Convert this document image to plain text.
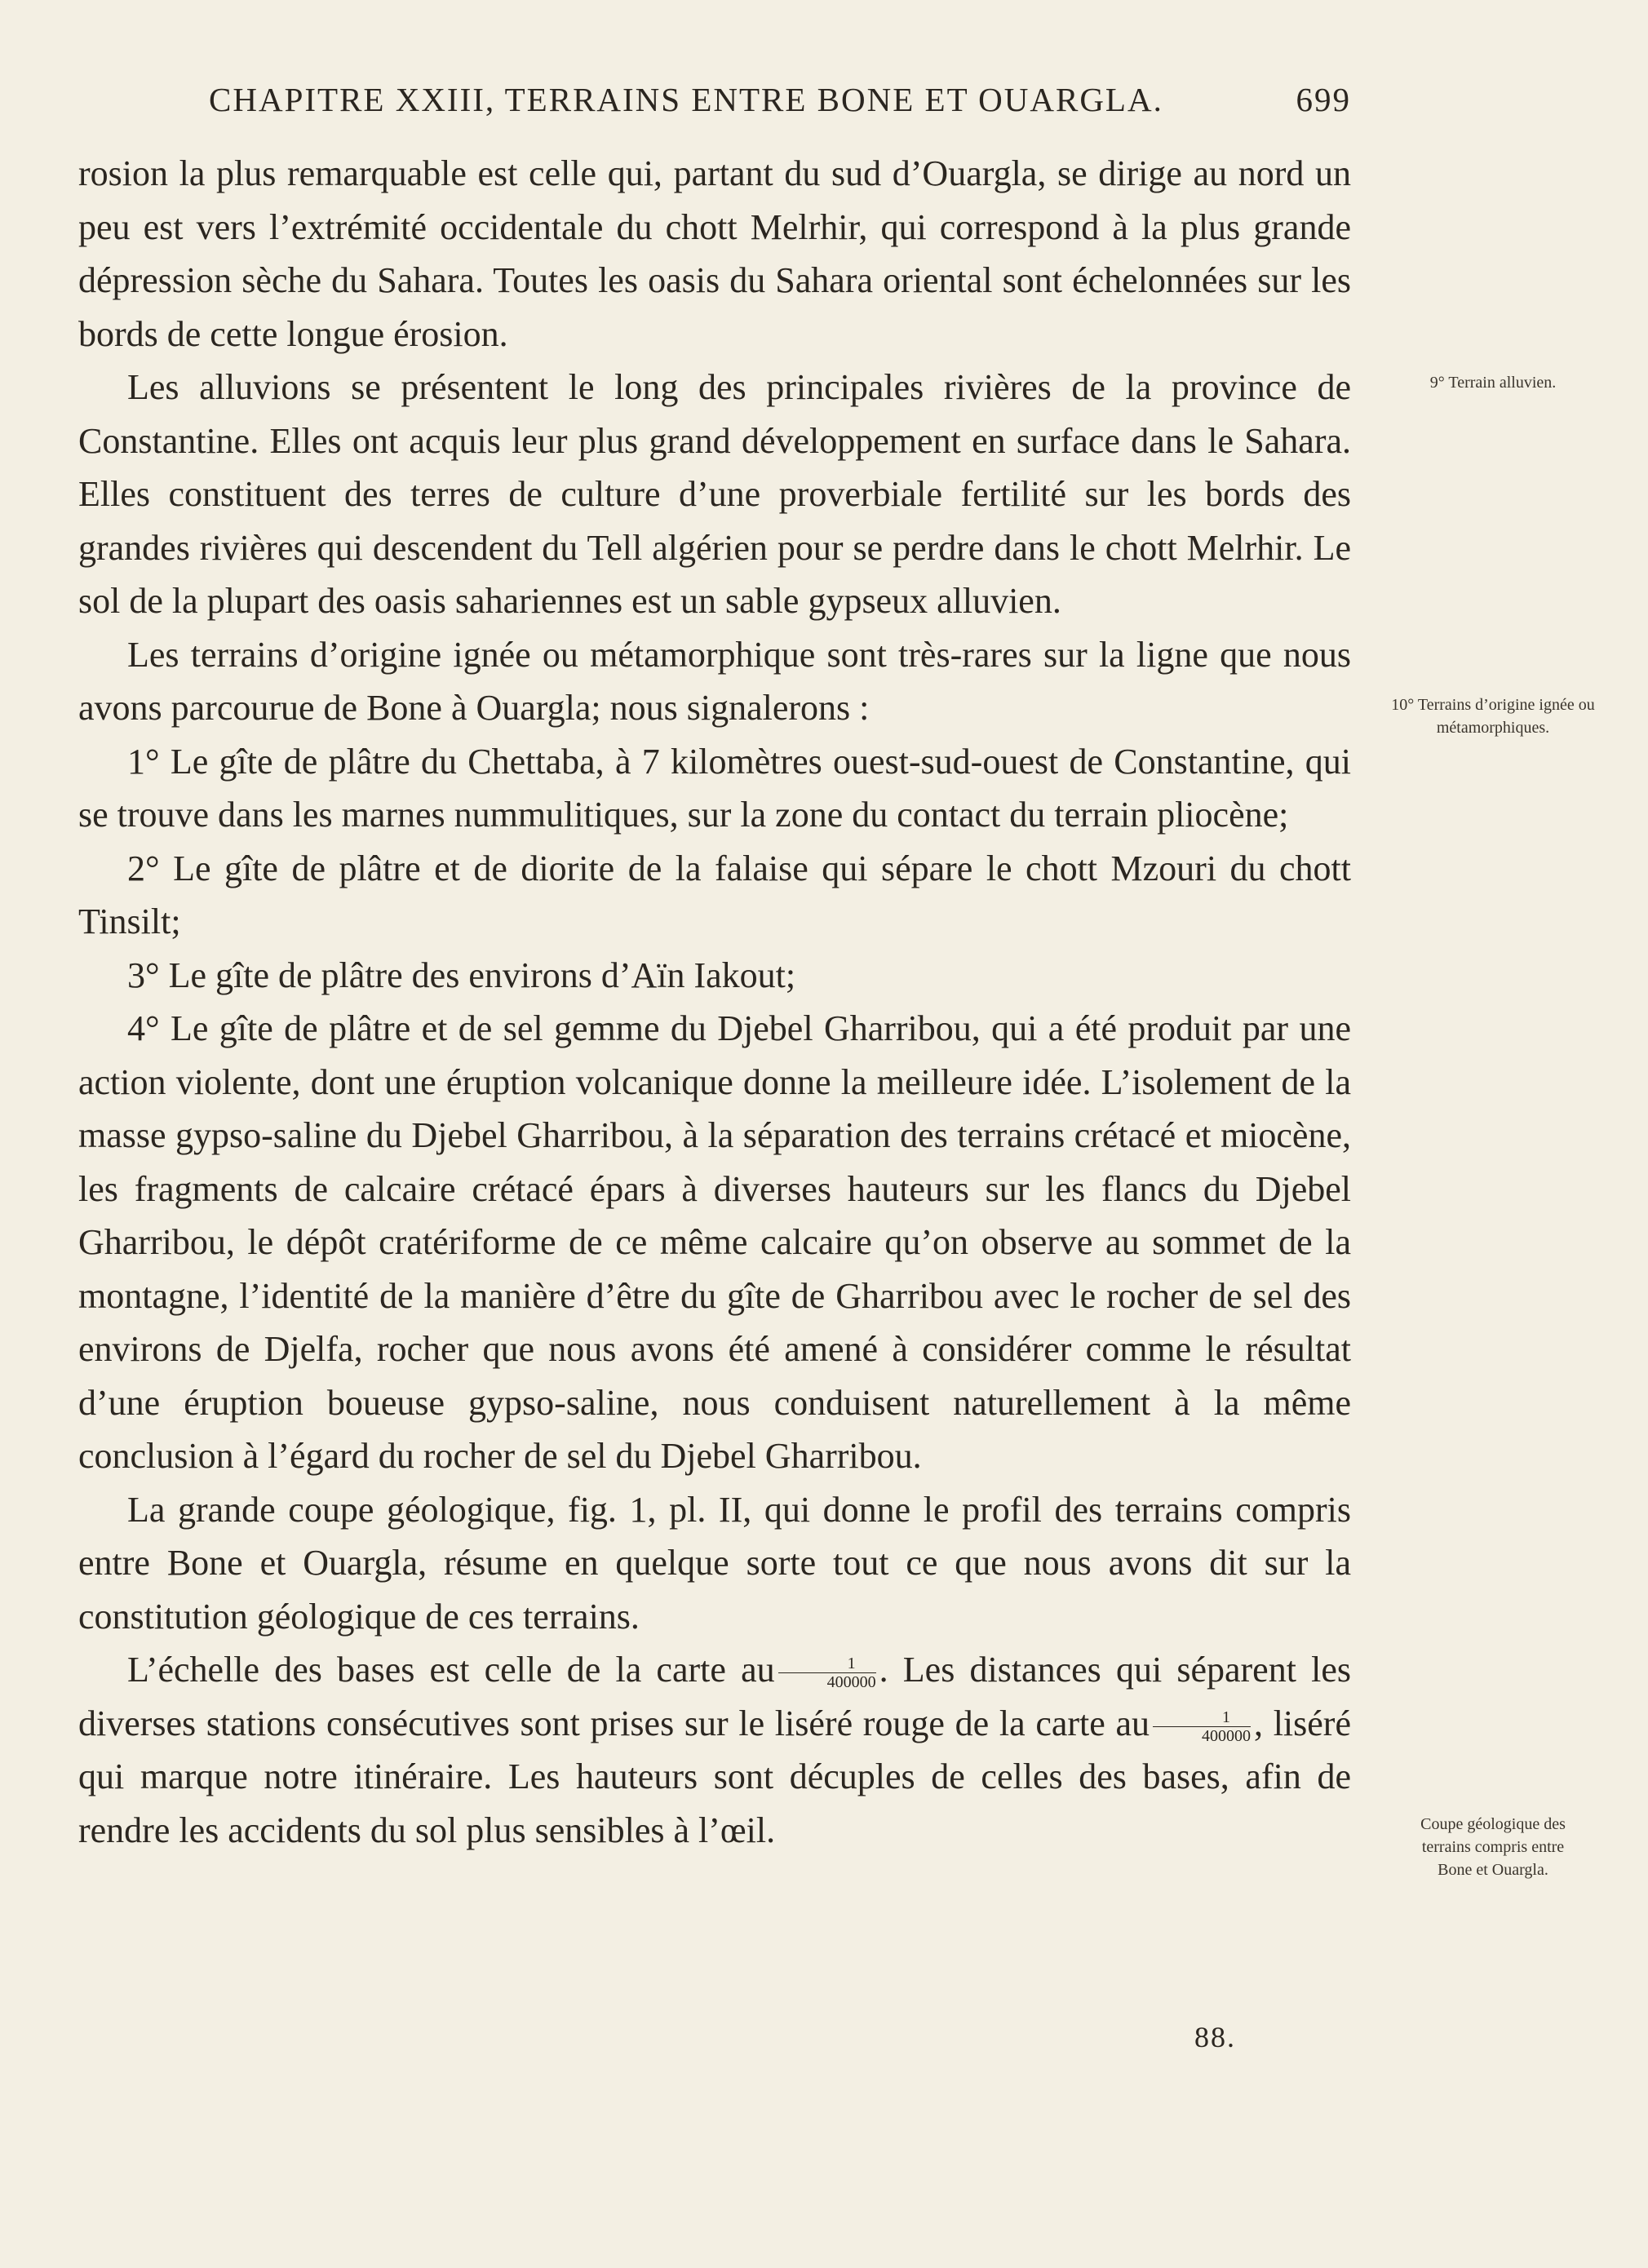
CHAPITRE XXIII, TERRAINS ENTRE BONE ET OUARGLA.	699

rosion la plus remarquable est celle qui, partant du sud d’Ouargla, se dirige au nord un peu est vers l’extrémité occidentale du chott Melrhir, qui correspond à la plus grande dépression sèche du Sahara. Toutes les oasis du Sahara oriental sont échelonnées sur les bords de cette longue érosion.

Les alluvions se présentent le long des principales rivières de la province de Constantine. Elles ont acquis leur plus grand développement en surface dans le Sahara. Elles constituent des terres de culture d’une proverbiale fertilité sur les bords des grandes rivières qui descendent du Tell algérien pour se perdre dans le chott Melrhir. Le sol de la plupart des oasis sahariennes est un sable gypseux alluvien.

Les terrains d’origine ignée ou métamorphique sont très-rares sur la ligne que nous avons parcourue de Bone à Ouargla; nous signalerons :

1° Le gîte de plâtre du Chettaba, à 7 kilomètres ouest-sud-ouest de Constantine, qui se trouve dans les marnes nummulitiques, sur la zone du contact du terrain pliocène;

2° Le gîte de plâtre et de diorite de la falaise qui sépare le chott Mzouri du chott Tinsilt;

3° Le gîte de plâtre des environs d’Aïn Iakout;

4° Le gîte de plâtre et de sel gemme du Djebel Gharribou, qui a été produit par une action violente, dont une éruption volcanique donne la meilleure idée. L’isolement de la masse gypso-saline du Djebel Gharribou, à la séparation des terrains crétacé et miocène, les fragments de calcaire crétacé épars à diverses hauteurs sur les flancs du Djebel Gharribou, le dépôt cratériforme de ce même calcaire qu’on observe au sommet de la montagne, l’identité de la manière d’être du gîte de Gharribou avec le rocher de sel des environs de Djelfa, rocher que nous avons été amené à considérer comme le résultat d’une éruption boueuse gypso-saline, nous conduisent naturellement à la même conclusion à l’égard du rocher de sel du Djebel Gharribou.

La grande coupe géologique, fig. 1, pl. II, qui donne le profil des terrains compris entre Bone et Ouargla, résume en quelque sorte tout ce que nous avons dit sur la constitution géologique de ces terrains.

L’échelle des bases est celle de la carte au $\frac{1}{400000}$ . Les distances qui séparent les diverses stations consécutives sont prises sur le liséré rouge de la carte au $\frac{1}{400000}$ , liséré qui marque notre itinéraire. Les hauteurs sont décuples de celles des bases, afin de rendre les accidents du sol plus sensibles à l’œil.

9° Terrain alluvien.
10° Terrains d’origine ignée ou métamorphiques.
Coupe géologique des terrains compris entre Bone et Ouargla.
88.
